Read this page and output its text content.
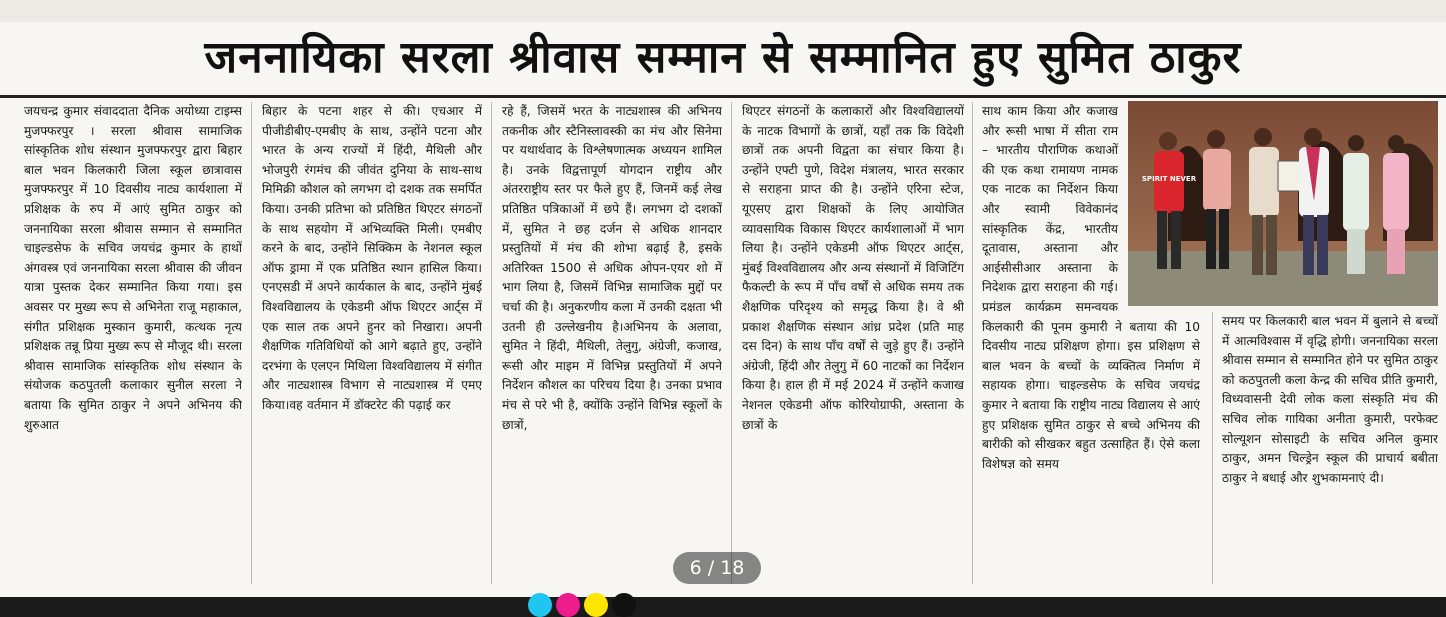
जननायिका सरला श्रीवास सम्मान से सम्मानित हुए सुमित ठाकुर
जयचन्द्र कुमार संवाददाता दैनिक अयोध्या टाइम्स मुजफ्फरपुर । सरला श्रीवास सामाजिक सांस्कृतिक शोध संस्थान मुजफ्फरपुर द्वारा बिहार बाल भवन किलकारी जिला स्कूल छात्रावास मुजफ्फरपुर में 10 दिवसीय नाट्य कार्यशाला में प्रशिक्षक के रुप में आएं सुमित ठाकुर को जननायिका सरला श्रीवास सम्मान से सम्मानित चाइल्डसेफ के सचिव जयचंद्र कुमार के हाथों अंगवस्त्र एवं जननायिका सरला श्रीवास की जीवन यात्रा पुस्तक देकर सम्मानित किया गया। इस अवसर पर मुख्य रूप से अभिनेता राजू महाकाल, संगीत प्रशिक्षक मुस्कान कुमारी, कत्थक नृत्य प्रशिक्षक तन्नू प्रिया मुख्य रूप से मौजूद थी। सरला श्रीवास सामाजिक सांस्कृतिक शोध संस्थान के संयोजक कठपुतली कलाकार सुनील सरला ने बताया कि सुमित ठाकुर ने अपने अभिनय की शुरुआत
बिहार के पटना शहर से की। एचआर में पीजीडीबीए-एमबीए के साथ, उन्होंने पटना और भारत के अन्य राज्यों में हिंदी, मैथिली और भोजपुरी रंगमंच की जीवंत दुनिया के साथ-साथ मिमिक्री कौशल को लगभग दो दशक तक समर्पित किया। उनकी प्रतिभा को प्रतिष्ठित थिएटर संगठनों के साथ सहयोग में अभिव्यक्ति मिली। एमबीए करने के बाद, उन्होंने सिक्किम के नेशनल स्कूल ऑफ ड्रामा में एक प्रतिष्ठित स्थान हासिल किया। एनएसडी में अपने कार्यकाल के बाद, उन्होंने मुंबई विश्वविद्यालय के एकेडमी ऑफ थिएटर आर्ट्स में एक साल तक अपने हुनर को निखारा। अपनी शैक्षणिक गतिविधियों को आगे बढ़ाते हुए, उन्होंने दरभंगा के एलएन मिथिला विश्वविद्यालय में संगीत और नाट्यशास्त्र विभाग से नाट्यशास्त्र में एमए किया।वह वर्तमान में डॉक्टरेट की पढ़ाई कर
रहे हैं, जिसमें भरत के नाट्यशास्त्र की अभिनय तकनीक और स्टैनिस्लावस्की का मंच और सिनेमा पर यथार्थवाद के विश्लेषणात्मक अध्ययन शामिल है। उनके विद्वत्तापूर्ण योगदान राष्ट्रीय और अंतरराष्ट्रीय स्तर पर फैले हुए हैं, जिनमें कई लेख प्रतिष्ठित पत्रिकाओं में छपे हैं। लगभग दो दशकों में, सुमित ने छह दर्जन से अधिक शानदार प्रस्तुतियों में मंच की शोभा बढ़ाई है, इसके अतिरिक्त 1500 से अधिक ओपन-एयर शो में भाग लिया है, जिसमें विभिन्न सामाजिक मुद्दों पर चर्चा की है। अनुकरणीय कला में उनकी दक्षता भी उतनी ही उल्लेखनीय है।अभिनय के अलावा, सुमित ने हिंदी, मैथिली, तेलुगु, अंग्रेजी, कजाख, रूसी और माइम में विभिन्न प्रस्तुतियों में अपने निर्देशन कौशल का परिचय दिया है। उनका प्रभाव मंच से परे भी है, क्योंकि उन्होंने विभिन्न स्कूलों के छात्रों,
थिएटर संगठनों के कलाकारों और विश्वविद्यालयों के नाटक विभागों के छात्रों, यहाँ तक कि विदेशी छात्रों तक अपनी विद्वता का संचार किया है। उन्होंने एफ्टी पुणे, विदेश मंत्रालय, भारत सरकार से सराहना प्राप्त की है। उन्होंने एरिना स्टेज, यूएसए द्वारा शिक्षकों के लिए आयोजित व्यावसायिक विकास थिएटर कार्यशालाओं में भाग लिया है। उन्होंने एकेडमी ऑफ थिएटर आर्ट्स, मुंबई विश्वविद्यालय और अन्य संस्थानों में विजिटिंग फैकल्टी के रूप में पाँच वर्षों से अधिक समय तक शैक्षणिक परिदृश्य को समृद्ध किया है। वे श्री प्रकाश शैक्षणिक संस्थान आंध्र प्रदेश (प्रति माह दस दिन) के साथ पाँच वर्षों से जुड़े हुए हैं। उन्होंने अंग्रेजी, हिंदी और तेलुगु में 60 नाटकों का निर्देशन किया है। हाल ही में मई 2024 में उन्होंने कजाख नेशनल एकेडमी ऑफ कोरियोग्राफी, अस्ताना के छात्रों के
साथ काम किया और कजाख और रूसी भाषा में सीता राम – भारतीय पौराणिक कथाओं की एक कथा रामायण नामक एक नाटक का निर्देशन किया और स्वामी विवेकानंद सांस्कृतिक केंद्र, भारतीय दूतावास, अस्ताना और आईसीसीआर अस्ताना के निदेशक द्वारा सराहना की गई। प्रमंडल कार्यक्रम समन्वयक किलकारी की पूनम कुमारी ने बताया की 10 दिवसीय नाट्य प्रशिक्षण होगा। इस प्रशिक्षण से बाल भवन के बच्चों के व्यक्तित्व निर्माण में सहायक होगा। चाइल्डसेफ के सचिव जयचंद्र कुमार ने बताया कि राष्ट्रीय नाट्य विद्यालय से आएं हुए प्रशिक्षक सुमित ठाकुर से बच्चे अभिनय की बारीकी को सीखकर बहुत उत्साहित हैं। ऐसे कला विशेषज्ञ को समय
समय पर किलकारी बाल भवन में बुलाने से बच्चों में आत्मविश्वास में वृद्धि होगी। जननायिका सरला श्रीवास सम्मान से सम्मानित होने पर सुमित ठाकुर को कठपुतली कला केन्द्र की सचिव प्रीति कुमारी, विध्यवासनी देवी लोक कला संस्कृति मंच की सचिव लोक गायिका अनीता कुमारी, परफेक्ट सोल्यूशन सोसाइटी के सचिव अनिल कुमार ठाकुर, अमन चिल्ड्रेन स्कूल की प्राचार्य बबीता ठाकुर ने बधाई और शुभकामनाएं दी।
SPIRIT NEVER
6 / 18
